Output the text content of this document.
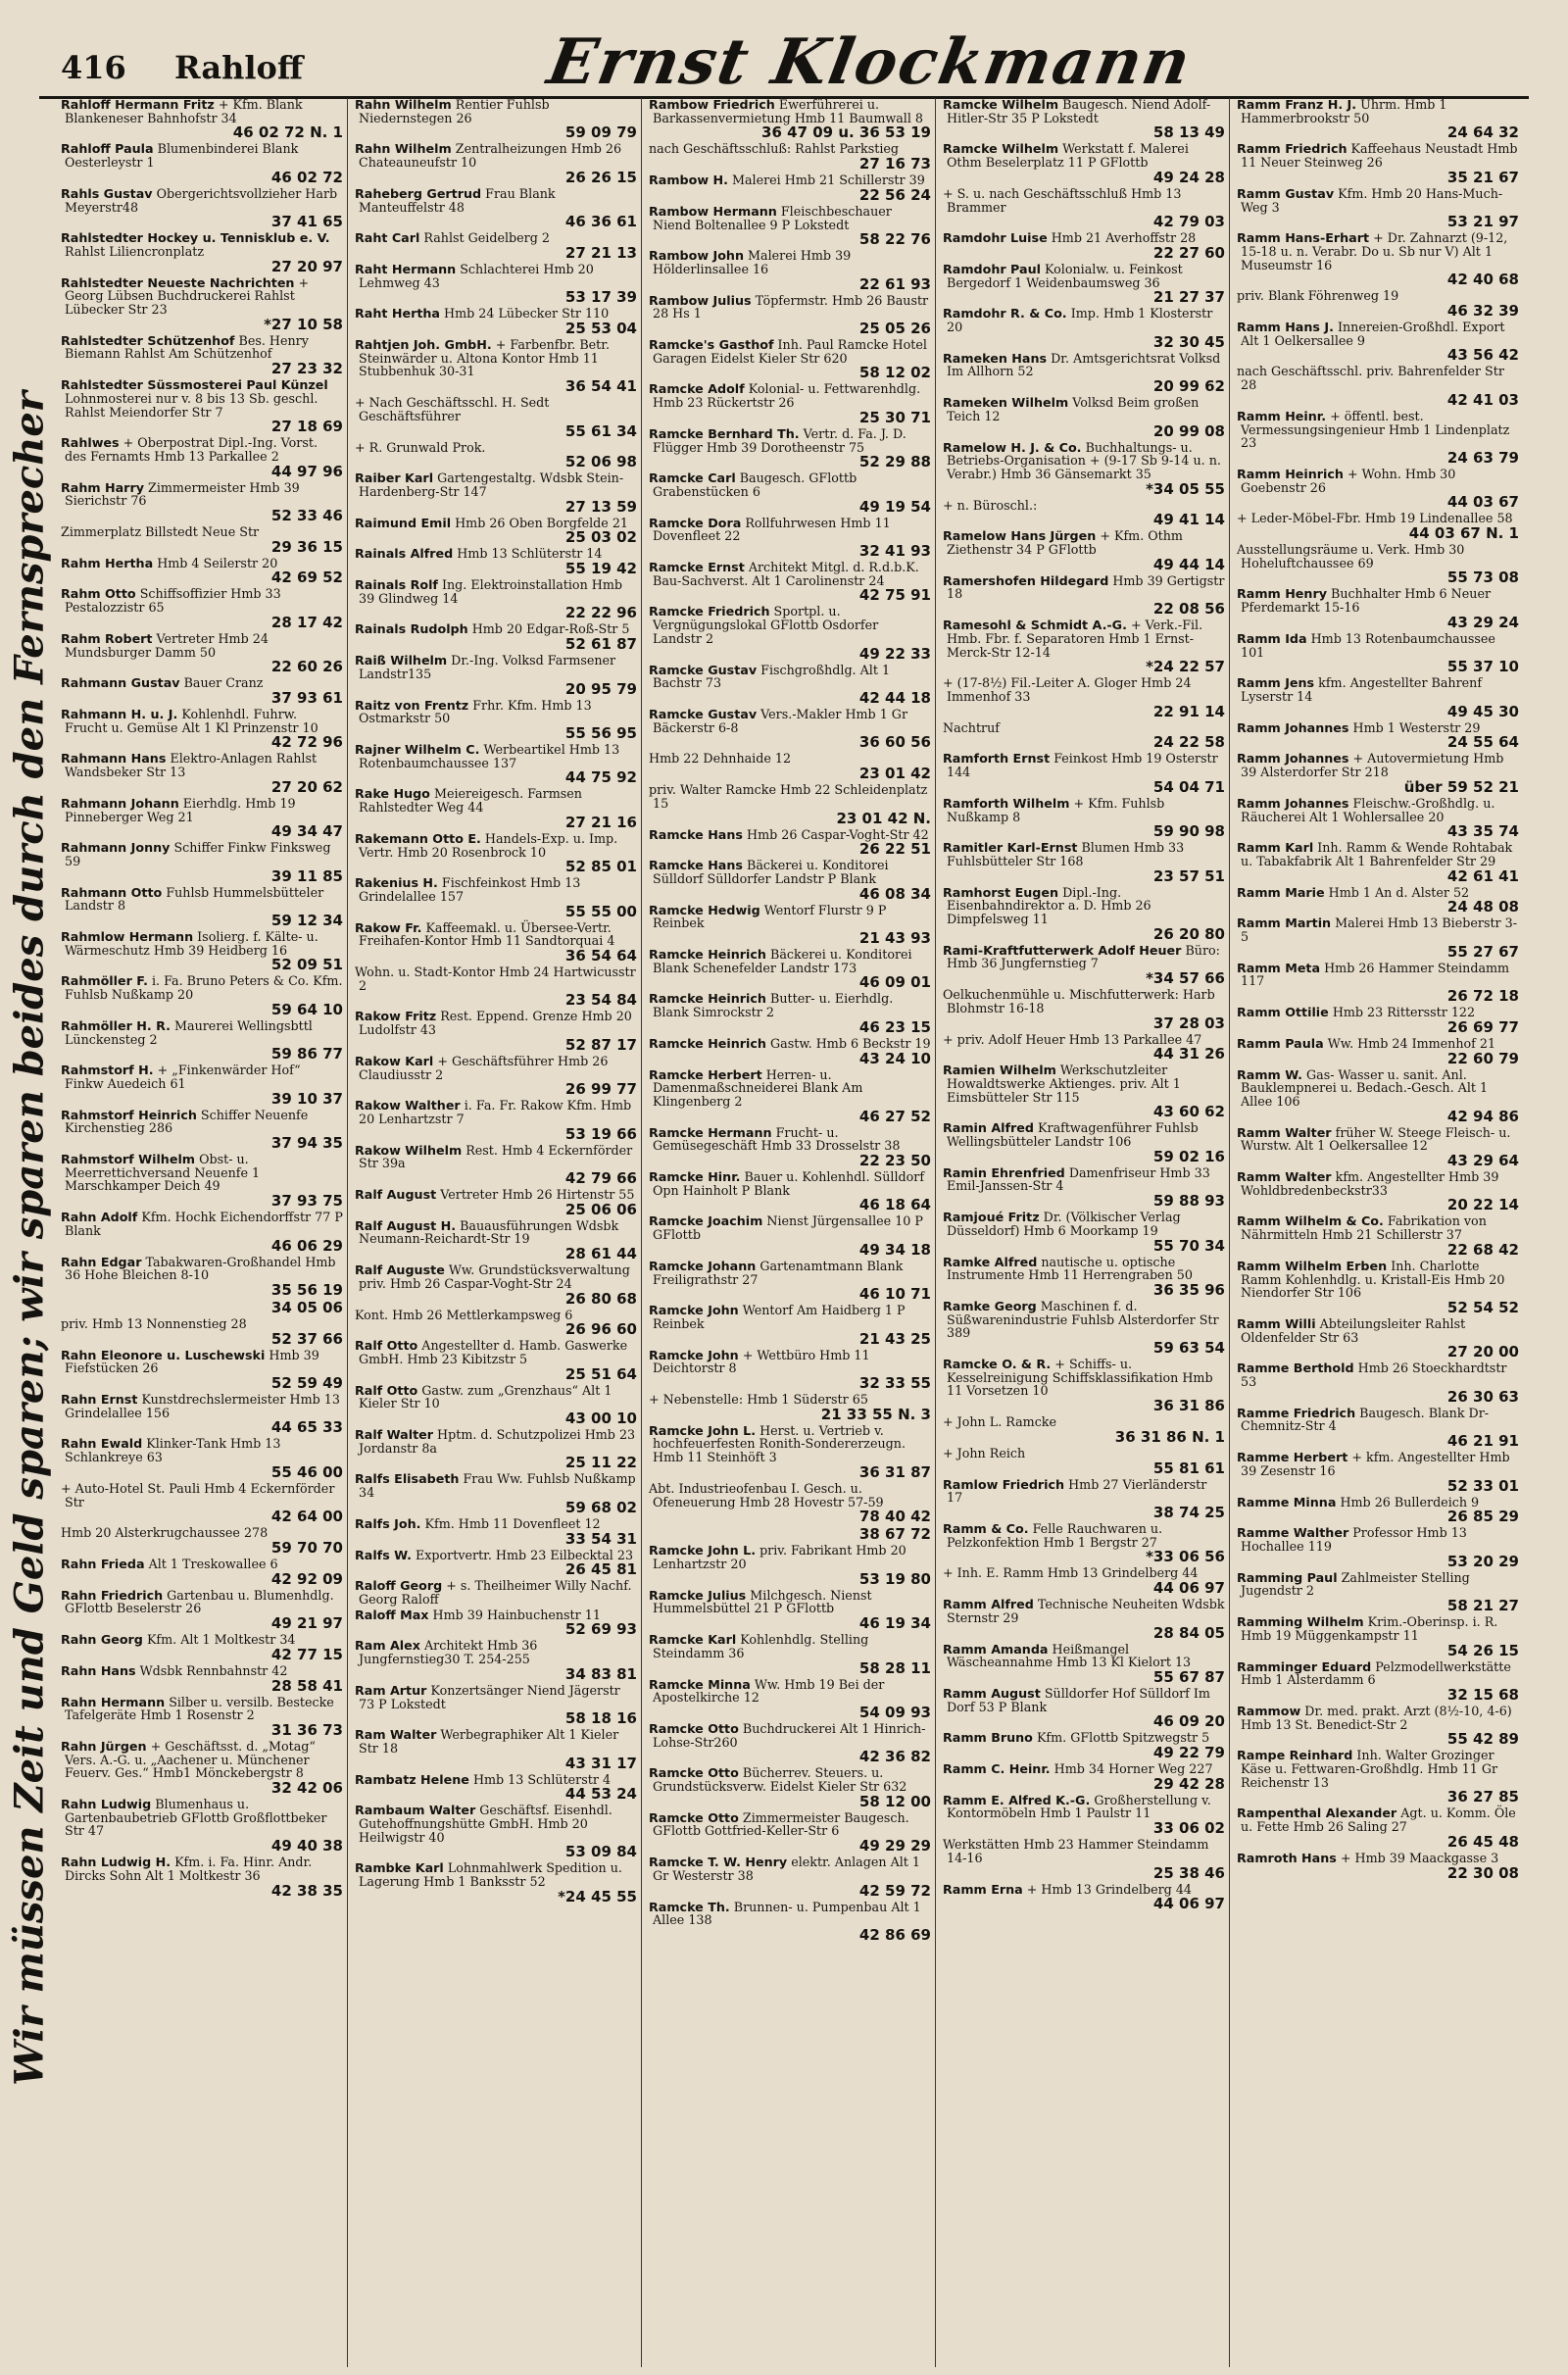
416 Rahloff	Ernst Klockmann
Wir müssen Zeit und Geld sparen; wir sparen beides durch den Fernsprecher
Rahloff Hermann Fritz + Kfm. Blank Blankeneser Bahnhofstr 34
46 02 72 N. 1
Rahloff Paula Blumenbinderei Blank Oesterleystr 1
46 02 72
Rahls Gustav Obergerichtsvollzieher Harb Meyerstr48
37 41 65
Rahlstedter Hockey u. Tennisklub e. V. Rahlst Liliencronplatz
27 20 97
Rahlstedter Neueste Nachrichten + Georg Lübsen Buchdruckerei Rahlst Lübecker Str 23
*27 10 58
Rahlstedter Schützenhof Bes. Henry Biemann Rahlst Am Schützenhof
27 23 32
Rahlstedter Süssmosterei Paul Künzel Lohnmosterei nur v. 8 bis 13 Sb. geschl. Rahlst Meiendorfer Str 7
27 18 69
Rahlwes + Oberpostrat Dipl.-Ing. Vorst. des Fernamts Hmb 13 Parkallee 2
44 97 96
Rahm Harry Zimmermeister Hmb 39 Sierichstr 76
52 33 46
Zimmerplatz Billstedt Neue Str
29 36 15
Rahm Hertha Hmb 4 Seilerstr 20
42 69 52
Rahm Otto Schiffsoffizier Hmb 33 Pestalozzistr 65
28 17 42
Rahm Robert Vertreter Hmb 24 Mundsburger Damm 50
22 60 26
Rahmann Gustav Bauer Cranz
37 93 61
Rahmann H. u. J. Kohlenhdl. Fuhrw. Frucht u. Gemüse Alt 1 Kl Prinzenstr 10
42 72 96
Rahmann Hans Elektro-Anlagen Rahlst Wandsbeker Str 13
27 20 62
Rahmann Johann Eierhdlg. Hmb 19 Pinneberger Weg 21
49 34 47
Rahmann Jonny Schiffer Finkw Finksweg 59
39 11 85
Rahmann Otto Fuhlsb Hummelsbütteler Landstr 8
59 12 34
Rahmlow Hermann Isolierg. f. Kälte- u. Wärmeschutz Hmb 39 Heidberg 16
52 09 51
Rahmöller F. i. Fa. Bruno Peters & Co. Kfm. Fuhlsb Nußkamp 20
59 64 10
Rahmöller H. R. Maurerei Wellingsbttl Lünckensteg 2
59 86 77
Rahmstorf H. + „Finkenwärder Hof“ Finkw Auedeich 61
39 10 37
Rahmstorf Heinrich Schiffer Neuenfe Kirchenstieg 286
37 94 35
Rahmstorf Wilhelm Obst- u. Meerrettichversand Neuenfe 1 Marschkamper Deich 49
37 93 75
Rahn Adolf Kfm. Hochk Eichendorffstr 77 P Blank
46 06 29
Rahn Edgar Tabakwaren-Großhandel Hmb 36 Hohe Bleichen 8-10
35 56 19
34 05 06
priv. Hmb 13 Nonnenstieg 28
52 37 66
Rahn Eleonore u. Luschewski Hmb 39 Fiefstücken 26
52 59 49
Rahn Ernst Kunstdrechslermeister Hmb 13 Grindelallee 156
44 65 33
Rahn Ewald Klinker-Tank Hmb 13 Schlankreye 63
55 46 00
+ Auto-Hotel St. Pauli Hmb 4 Eckernförder Str
42 64 00
Hmb 20 Alsterkrugchaussee 278
59 70 70
Rahn Frieda Alt 1 Treskowallee 6
42 92 09
Rahn Friedrich Gartenbau u. Blumenhdlg. GFlottb Beselerstr 26
49 21 97
Rahn Georg Kfm. Alt 1 Moltkestr 34
42 77 15
Rahn Hans Wdsbk Rennbahnstr 42
28 58 41
Rahn Hermann Silber u. versilb. Bestecke Tafelgeräte Hmb 1 Rosenstr 2
31 36 73
Rahn Jürgen + Geschäftsst. d. „Motag“ Vers. A.-G. u. „Aachener u. Münchener Feuerv. Ges.“ Hmb1 Mönckebergstr 8
32 42 06
Rahn Ludwig Blumenhaus u. Gartenbaubetrieb GFlottb Großflottbeker Str 47
49 40 38
Rahn Ludwig H. Kfm. i. Fa. Hinr. Andr. Dircks Sohn Alt 1 Moltkestr 36
42 38 35
Rahn Wilhelm Rentier Fuhlsb Niedernstegen 26
59 09 79
Rahn Wilhelm Zentralheizungen Hmb 26 Chateauneufstr 10
26 26 15
Raheberg Gertrud Frau Blank Manteuffelstr 48
46 36 61
Raht Carl Rahlst Geidelberg 2
27 21 13
Raht Hermann Schlachterei Hmb 20 Lehmweg 43
53 17 39
Raht Hertha Hmb 24 Lübecker Str 110
25 53 04
Rahtjen Joh. GmbH. + Farbenfbr. Betr. Steinwärder u. Altona Kontor Hmb 11 Stubbenhuk 30-31
36 54 41
+ Nach Geschäftsschl. H. Sedt Geschäftsführer
55 61 34
+ R. Grunwald Prok.
52 06 98
Raiber Karl Gartengestaltg. Wdsbk Stein-Hardenberg-Str 147
27 13 59
Raimund Emil Hmb 26 Oben Borgfelde 21
25 03 02
Rainals Alfred Hmb 13 Schlüterstr 14
55 19 42
Rainals Rolf Ing. Elektroinstallation Hmb 39 Glindweg 14
22 22 96
Rainals Rudolph Hmb 20 Edgar-Roß-Str 5
52 61 87
Raiß Wilhelm Dr.-Ing. Volksd Farmsener Landstr135
20 95 79
Raitz von Frentz Frhr. Kfm. Hmb 13 Ostmarkstr 50
55 56 95
Rajner Wilhelm C. Werbeartikel Hmb 13 Rotenbaumchaussee 137
44 75 92
Rake Hugo Meiereigesch. Farmsen Rahlstedter Weg 44
27 21 16
Rakemann Otto E. Handels-Exp. u. Imp. Vertr. Hmb 20 Rosenbrock 10
52 85 01
Rakenius H. Fischfeinkost Hmb 13 Grindelallee 157
55 55 00
Rakow Fr. Kaffeemakl. u. Übersee-Vertr. Freihafen-Kontor Hmb 11 Sandtorquai 4
36 54 64
Wohn. u. Stadt-Kontor Hmb 24 Hartwicusstr 2
23 54 84
Rakow Fritz Rest. Eppend. Grenze Hmb 20 Ludolfstr 43
52 87 17
Rakow Karl + Geschäftsführer Hmb 26 Claudiusstr 2
26 99 77
Rakow Walther i. Fa. Fr. Rakow Kfm. Hmb 20 Lenhartzstr 7
53 19 66
Rakow Wilhelm Rest. Hmb 4 Eckernförder Str 39a
42 79 66
Ralf August Vertreter Hmb 26 Hirtenstr 55
25 06 06
Ralf August H. Bauausführungen Wdsbk Neumann-Reichardt-Str 19
28 61 44
Ralf Auguste Ww. Grundstücksverwaltung priv. Hmb 26 Caspar-Voght-Str 24
26 80 68
Kont. Hmb 26 Mettlerkampsweg 6
26 96 60
Ralf Otto Angestellter d. Hamb. Gaswerke GmbH. Hmb 23 Kibitzstr 5
25 51 64
Ralf Otto Gastw. zum „Grenzhaus“ Alt 1 Kieler Str 10
43 00 10
Ralf Walter Hptm. d. Schutzpolizei Hmb 23 Jordanstr 8a
25 11 22
Ralfs Elisabeth Frau Ww. Fuhlsb Nußkamp 34
59 68 02
Ralfs Joh. Kfm. Hmb 11 Dovenfleet 12
33 54 31
Ralfs W. Exportvertr. Hmb 23 Eilbecktal 23
26 45 81
Raloff Georg + s. Theilheimer Willy Nachf. Georg Raloff
Raloff Max Hmb 39 Hainbuchenstr 11
52 69 93
Ram Alex Architekt Hmb 36 Jungfernstieg30 T. 254-255
34 83 81
Ram Artur Konzertsänger Niend Jägerstr 73 P Lokstedt
58 18 16
Ram Walter Werbegraphiker Alt 1 Kieler Str 18
43 31 17
Rambatz Helene Hmb 13 Schlüterstr 4
44 53 24
Rambaum Walter Geschäftsf. Eisenhdl. Gutehoffnungshütte GmbH. Hmb 20 Heilwigstr 40
53 09 84
Rambke Karl Lohnmahlwerk Spedition u. Lagerung Hmb 1 Banksstr 52
*24 45 55
Rambow Friedrich Ewerführerei u. Barkassenvermietung Hmb 11 Baumwall 8
36 47 09 u. 36 53 19
nach Geschäftsschluß: Rahlst Parkstieg
27 16 73
Rambow H. Malerei Hmb 21 Schillerstr 39
22 56 24
Rambow Hermann Fleischbeschauer Niend Boltenallee 9 P Lokstedt
58 22 76
Rambow John Malerei Hmb 39 Hölderlinsallee 16
22 61 93
Rambow Julius Töpfermstr. Hmb 26 Baustr 28 Hs 1
25 05 26
Ramcke's Gasthof Inh. Paul Ramcke Hotel Garagen Eidelst Kieler Str 620
58 12 02
Ramcke Adolf Kolonial- u. Fettwarenhdlg. Hmb 23 Rückertstr 26
25 30 71
Ramcke Bernhard Th. Vertr. d. Fa. J. D. Flügger Hmb 39 Dorotheenstr 75
52 29 88
Ramcke Carl Baugesch. GFlottb Grabenstücken 6
49 19 54
Ramcke Dora Rollfuhrwesen Hmb 11 Dovenfleet 22
32 41 93
Ramcke Ernst Architekt Mitgl. d. R.d.b.K. Bau-Sachverst. Alt 1 Carolinenstr 24
42 75 91
Ramcke Friedrich Sportpl. u. Vergnügungslokal GFlottb Osdorfer Landstr 2
49 22 33
Ramcke Gustav Fischgroßhdlg. Alt 1 Bachstr 73
42 44 18
Ramcke Gustav Vers.-Makler Hmb 1 Gr Bäckerstr 6-8
36 60 56
Hmb 22 Dehnhaide 12
23 01 42
priv. Walter Ramcke Hmb 22 Schleidenplatz 15
23 01 42 N.
Ramcke Hans Hmb 26 Caspar-Voght-Str 42
26 22 51
Ramcke Hans Bäckerei u. Konditorei Sülldorf Sülldorfer Landstr P Blank
46 08 34
Ramcke Hedwig Wentorf Flurstr 9 P Reinbek
21 43 93
Ramcke Heinrich Bäckerei u. Konditorei Blank Schenefelder Landstr 173
46 09 01
Ramcke Heinrich Butter- u. Eierhdlg. Blank Simrockstr 2
46 23 15
Ramcke Heinrich Gastw. Hmb 6 Beckstr 19
43 24 10
Ramcke Herbert Herren- u. Damenmaßschneiderei Blank Am Klingenberg 2
46 27 52
Ramcke Hermann Frucht- u. Gemüsegeschäft Hmb 33 Drosselstr 38
22 23 50
Ramcke Hinr. Bauer u. Kohlenhdl. Sülldorf Opn Hainholt P Blank
46 18 64
Ramcke Joachim Nienst Jürgensallee 10 P GFlottb
49 34 18
Ramcke Johann Gartenamtmann Blank Freiligrathstr 27
46 10 71
Ramcke John Wentorf Am Haidberg 1 P Reinbek
21 43 25
Ramcke John + Wettbüro Hmb 11 Deichtorstr 8
32 33 55
+ Nebenstelle: Hmb 1 Süderstr 65
21 33 55 N. 3
Ramcke John L. Herst. u. Vertrieb v. hochfeuerfesten Ronith-Sondererzeugn. Hmb 11 Steinhöft 3
36 31 87
Abt. Industrieofenbau I. Gesch. u. Ofeneuerung Hmb 28 Hovestr 57-59
78 40 42
38 67 72
Ramcke John L. priv. Fabrikant Hmb 20 Lenhartzstr 20
53 19 80
Ramcke Julius Milchgesch. Nienst Hummelsbüttel 21 P GFlottb
46 19 34
Ramcke Karl Kohlenhdlg. Stelling Steindamm 36
58 28 11
Ramcke Minna Ww. Hmb 19 Bei der Apostelkirche 12
54 09 93
Ramcke Otto Buchdruckerei Alt 1 Hinrich-Lohse-Str260
42 36 82
Ramcke Otto Bücherrev. Steuers. u. Grundstücksverw. Eidelst Kieler Str 632
58 12 00
Ramcke Otto Zimmermeister Baugesch. GFlottb Gottfried-Keller-Str 6
49 29 29
Ramcke T. W. Henry elektr. Anlagen Alt 1 Gr Westerstr 38
42 59 72
Ramcke Th. Brunnen- u. Pumpenbau Alt 1 Allee 138
42 86 69
Ramcke Wilhelm Baugesch. Niend Adolf-Hitler-Str 35 P Lokstedt
58 13 49
Ramcke Wilhelm Werkstatt f. Malerei Othm Beselerplatz 11 P GFlottb
49 24 28
+ S. u. nach Geschäftsschluß Hmb 13 Brammer
42 79 03
Ramdohr Luise Hmb 21 Averhoffstr 28
22 27 60
Ramdohr Paul Kolonialw. u. Feinkost Bergedorf 1 Weidenbaumsweg 36
21 27 37
Ramdohr R. & Co. Imp. Hmb 1 Klosterstr 20
32 30 45
Rameken Hans Dr. Amtsgerichtsrat Volksd Im Allhorn 52
20 99 62
Rameken Wilhelm Volksd Beim großen Teich 12
20 99 08
Ramelow H. J. & Co. Buchhaltungs- u. Betriebs-Organisation + (9-17 Sb 9-14 u. n. Verabr.) Hmb 36 Gänsemarkt 35
*34 05 55
+ n. Büroschl.:
49 41 14
Ramelow Hans Jürgen + Kfm. Othm Ziethenstr 34 P GFlottb
49 44 14
Ramershofen Hildegard Hmb 39 Gertigstr 18
22 08 56
Ramesohl & Schmidt A.-G. + Verk.-Fil. Hmb. Fbr. f. Separatoren Hmb 1 Ernst-Merck-Str 12-14
*24 22 57
+ (17-8½) Fil.-Leiter A. Gloger Hmb 24 Immenhof 33
22 91 14
Nachtruf
24 22 58
Ramforth Ernst Feinkost Hmb 19 Osterstr 144
54 04 71
Ramforth Wilhelm + Kfm. Fuhlsb Nußkamp 8
59 90 98
Ramitler Karl-Ernst Blumen Hmb 33 Fuhlsbütteler Str 168
23 57 51
Ramhorst Eugen Dipl.-Ing. Eisenbahndirektor a. D. Hmb 26 Dimpfelsweg 11
26 20 80
Rami-Kraftfutterwerk Adolf Heuer Büro: Hmb 36 Jungfernstieg 7
*34 57 66
Oelkuchenmühle u. Mischfutterwerk: Harb Blohmstr 16-18
37 28 03
+ priv. Adolf Heuer Hmb 13 Parkallee 47
44 31 26
Ramien Wilhelm Werkschutzleiter Howaldtswerke Aktienges. priv. Alt 1 Eimsbütteler Str 115
43 60 62
Ramin Alfred Kraftwagenführer Fuhlsb Wellingsbütteler Landstr 106
59 02 16
Ramin Ehrenfried Damenfriseur Hmb 33 Emil-Janssen-Str 4
59 88 93
Ramjoué Fritz Dr. (Völkischer Verlag Düsseldorf) Hmb 6 Moorkamp 19
55 70 34
Ramke Alfred nautische u. optische Instrumente Hmb 11 Herrengraben 50
36 35 96
Ramke Georg Maschinen f. d. Süßwarenindustrie Fuhlsb Alsterdorfer Str 389
59 63 54
Ramcke O. & R. + Schiffs- u. Kesselreinigung Schiffsklassifikation Hmb 11 Vorsetzen 10
36 31 86
+ John L. Ramcke
36 31 86 N. 1
+ John Reich
55 81 61
Ramlow Friedrich Hmb 27 Vierländerstr 17
38 74 25
Ramm & Co. Felle Rauchwaren u. Pelzkonfektion Hmb 1 Bergstr 27
*33 06 56
+ Inh. E. Ramm Hmb 13 Grindelberg 44
44 06 97
Ramm Alfred Technische Neuheiten Wdsbk Sternstr 29
28 84 05
Ramm Amanda Heißmangel Wäscheannahme Hmb 13 Kl Kielort 13
55 67 87
Ramm August Sülldorfer Hof Sülldorf Im Dorf 53 P Blank
46 09 20
Ramm Bruno Kfm. GFlottb Spitzwegstr 5
49 22 79
Ramm C. Heinr. Hmb 34 Horner Weg 227
29 42 28
Ramm E. Alfred K.-G. Großherstellung v. Kontormöbeln Hmb 1 Paulstr 11
33 06 02
Werkstätten Hmb 23 Hammer Steindamm 14-16
25 38 46
Ramm Erna + Hmb 13 Grindelberg 44
44 06 97
Ramm Franz H. J. Uhrm. Hmb 1 Hammerbrookstr 50
24 64 32
Ramm Friedrich Kaffeehaus Neustadt Hmb 11 Neuer Steinweg 26
35 21 67
Ramm Gustav Kfm. Hmb 20 Hans-Much-Weg 3
53 21 97
Ramm Hans-Erhart + Dr. Zahnarzt (9-12, 15-18 u. n. Verabr. Do u. Sb nur V) Alt 1 Museumstr 16
42 40 68
priv. Blank Föhrenweg 19
46 32 39
Ramm Hans J. Innereien-Großhdl. Export Alt 1 Oelkersallee 9
43 56 42
nach Geschäftsschl. priv. Bahrenfelder Str 28
42 41 03
Ramm Heinr. + öffentl. best. Vermessungsingenieur Hmb 1 Lindenplatz 23
24 63 79
Ramm Heinrich + Wohn. Hmb 30 Goebenstr 26
44 03 67
+ Leder-Möbel-Fbr. Hmb 19 Lindenallee 58
44 03 67 N. 1
Ausstellungsräume u. Verk. Hmb 30 Hoheluftchaussee 69
55 73 08
Ramm Henry Buchhalter Hmb 6 Neuer Pferdemarkt 15-16
43 29 24
Ramm Ida Hmb 13 Rotenbaumchaussee 101
55 37 10
Ramm Jens kfm. Angestellter Bahrenf Lyserstr 14
49 45 30
Ramm Johannes Hmb 1 Westerstr 29
24 55 64
Ramm Johannes + Autovermietung Hmb 39 Alsterdorfer Str 218
über 59 52 21
Ramm Johannes Fleischw.-Großhdlg. u. Räucherei Alt 1 Wohlersallee 20
43 35 74
Ramm Karl Inh. Ramm & Wende Rohtabak u. Tabakfabrik Alt 1 Bahrenfelder Str 29
42 61 41
Ramm Marie Hmb 1 An d. Alster 52
24 48 08
Ramm Martin Malerei Hmb 13 Bieberstr 3-5
55 27 67
Ramm Meta Hmb 26 Hammer Steindamm 117
26 72 18
Ramm Ottilie Hmb 23 Rittersstr 122
26 69 77
Ramm Paula Ww. Hmb 24 Immenhof 21
22 60 79
Ramm W. Gas- Wasser u. sanit. Anl. Bauklempnerei u. Bedach.-Gesch. Alt 1 Allee 106
42 94 86
Ramm Walter früher W. Steege Fleisch- u. Wurstw. Alt 1 Oelkersallee 12
43 29 64
Ramm Walter kfm. Angestellter Hmb 39 Wohldbredenbeckstr33
20 22 14
Ramm Wilhelm & Co. Fabrikation von Nährmitteln Hmb 21 Schillerstr 37
22 68 42
Ramm Wilhelm Erben Inh. Charlotte Ramm Kohlenhdlg. u. Kristall-Eis Hmb 20 Niendorfer Str 106
52 54 52
Ramm Willi Abteilungsleiter Rahlst Oldenfelder Str 63
27 20 00
Ramme Berthold Hmb 26 Stoeckhardtstr 53
26 30 63
Ramme Friedrich Baugesch. Blank Dr-Chemnitz-Str 4
46 21 91
Ramme Herbert + kfm. Angestellter Hmb 39 Zesenstr 16
52 33 01
Ramme Minna Hmb 26 Bullerdeich 9
26 85 29
Ramme Walther Professor Hmb 13 Hochallee 119
53 20 29
Ramming Paul Zahlmeister Stelling Jugendstr 2
58 21 27
Ramming Wilhelm Krim.-Oberinsp. i. R. Hmb 19 Müggenkampstr 11
54 26 15
Ramminger Eduard Pelzmodellwerkstätte Hmb 1 Alsterdamm 6
32 15 68
Rammow Dr. med. prakt. Arzt (8½-10, 4-6) Hmb 13 St. Benedict-Str 2
55 42 89
Rampe Reinhard Inh. Walter Grozinger Käse u. Fettwaren-Großhdlg. Hmb 11 Gr Reichenstr 13
36 27 85
Rampenthal Alexander Agt. u. Komm. Öle u. Fette Hmb 26 Saling 27
26 45 48
Ramroth Hans + Hmb 39 Maackgasse 3
22 30 08
